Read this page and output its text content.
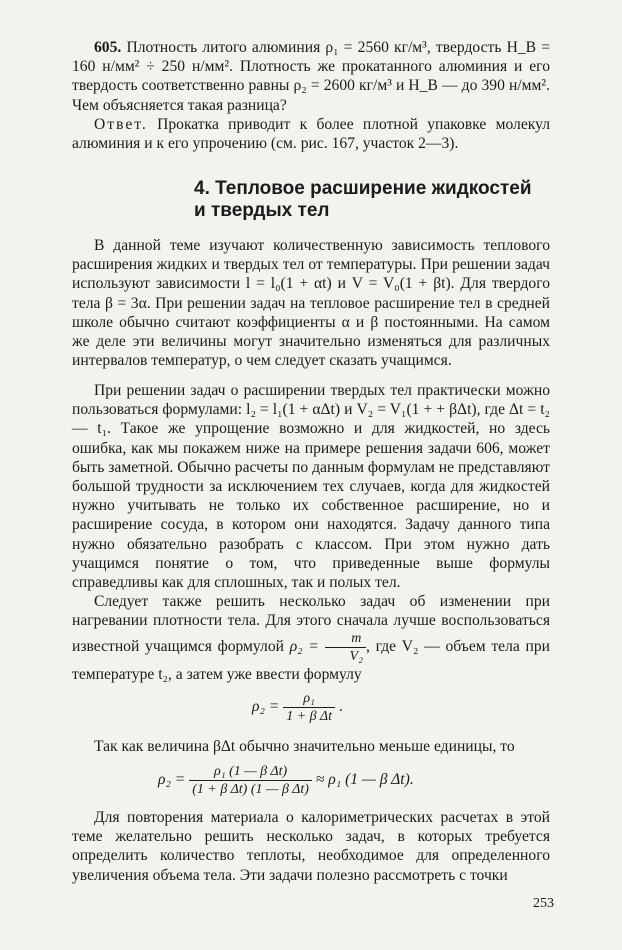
605. Плотность литого алюминия ρ₁ = 2560 кг/м³, твердость H_B = 160 н/мм² ÷ 250 н/мм². Плотность же прокатанного алюминия и его твердость соответственно равны ρ₂ = 2600 кг/м³ и H_B — до 390 н/мм². Чем объясняется такая разница?

Ответ. Прокатка приводит к более плотной упаковке молекул алюминия и к его упрочению (см. рис. 167, участок 2—3).

4. Тепловое расширение жидкостей

и твердых тел

В данной теме изучают количественную зависимость теплового расширения жидких и твердых тел от температуры. При решении задач используют зависимости l = l₀(1 + αt) и V = V₀(1 + βt). Для твердого тела β = 3α. При решении задач на тепловое расширение тел в средней школе обычно считают коэффициенты α и β постоянными. На самом же деле эти величины могут значительно изменяться для различных интервалов температур, о чем следует сказать учащимся.

При решении задач о расширении твердых тел практически можно пользоваться формулами: l₂ = l₁(1 + αΔt) и V₂ = V₁(1 + + βΔt), где Δt = t₂ — t₁. Такое же упрощение возможно и для жидкостей, но здесь ошибка, как мы покажем ниже на примере решения задачи 606, может быть заметной. Обычно расчеты по данным формулам не представляют большой трудности за исключением тех случаев, когда для жидкостей нужно учитывать не только их собственное расширение, но и расширение сосуда, в котором они находятся. Задачу данного типа нужно обязательно разобрать с классом. При этом нужно дать учащимся понятие о том, что приведенные выше формулы справедливы как для сплошных, так и полых тел.

Следует также решить несколько задач об изменении при нагревании плотности тела. Для этого сначала лучше воспользоваться известной учащимся формулой $\rho_2 = \frac{m}{\text{V₂}}$ , где V₂ — объем тела при температуре t₂, а затем уже ввести формулу

$\rho_2 = \frac{\text{ρ₁}}{\text{1 + β Δt}}$ .

Так как величина βΔt обычно значительно меньше единицы, то

$\rho_2 = \frac{\text{ρ₁ (1 — β Δt)}}{\text{(1 + β Δt) (1 — β Δt)}} \approx \rho_1$ (1 — β Δt).

Для повторения материала о калориметрических расчетах в этой теме желательно решить несколько задач, в которых требуется определить количество теплоты, необходимое для определенного увеличения объема тела. Эти задачи полезно рассмотреть с точки

253
